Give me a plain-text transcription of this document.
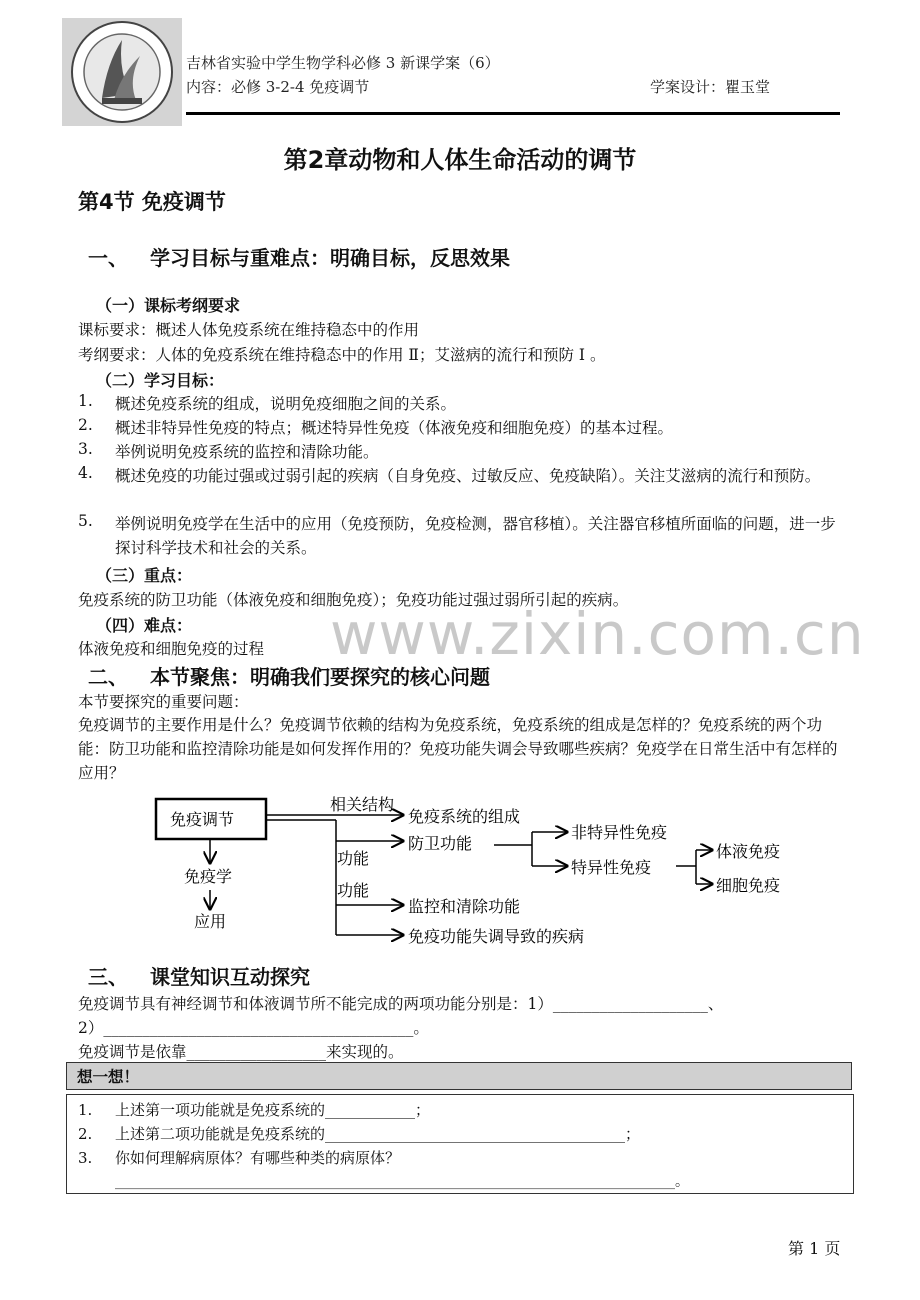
吉林省实验中学生物学科必修 3 新课学案（6）
内容：必修 3-2-4 免疫调节	学案设计：瞿玉堂
第2章动物和人体生命活动的调节
第4节 免疫调节
一、 学习目标与重难点：明确目标，反思效果
（一）课标考纲要求
课标要求：概述人体免疫系统在维持稳态中的作用
考纲要求：人体的免疫系统在维持稳态中的作用 Ⅱ；艾滋病的流行和预防 Ⅰ 。
（二）学习目标：
1. 概述免疫系统的组成，说明免疫细胞之间的关系。
2. 概述非特异性免疫的特点；概述特异性免疫（体液免疫和细胞免疫）的基本过程。
3. 举例说明免疫系统的监控和清除功能。
4. 概述免疫的功能过强或过弱引起的疾病（自身免疫、过敏反应、免疫缺陷）。关注艾滋病的流行和预防。
5. 举例说明免疫学在生活中的应用（免疫预防，免疫检测，器官移植）。关注器官移植所面临的问题，进一步探讨科学技术和社会的关系。
（三）重点：
免疫系统的防卫功能（体液免疫和细胞免疫）；免疫功能过强过弱所引起的疾病。
（四）难点：
体液免疫和细胞免疫的过程 www.zixin.com.cn
二、 本节聚焦：明确我们要探究的核心问题
本节要探究的重要问题：
免疫调节的主要作用是什么？免疫调节依赖的结构为免疫系统，免疫系统的组成是怎样的？免疫系统的两个功能：防卫功能和监控清除功能是如何发挥作用的？免疫功能失调会导致哪些疾病？免疫学在日常生活中有怎样的应用？
免疫调节
相关结构
功能
功能
免疫系统的组成
防卫功能
非特异性免疫
特异性免疫
体液免疫
细胞免疫
监控和清除功能
免疫功能失调导致的疾病
免疫学
应用
三、 课堂知识互动探究
免疫调节具有神经调节和体液调节所不能完成的两项功能分别是：1）____________________、
2）________________________________________。
免疫调节是依靠__________________来实现的。
想一想！
1. 上述第一项功能就是免疫系统的____________；
2. 上述第二项功能就是免疫系统的________________________________________；
3. 你如何理解病原体？有哪些种类的病原体？
________________________________________________________________________________。
第 1 页
